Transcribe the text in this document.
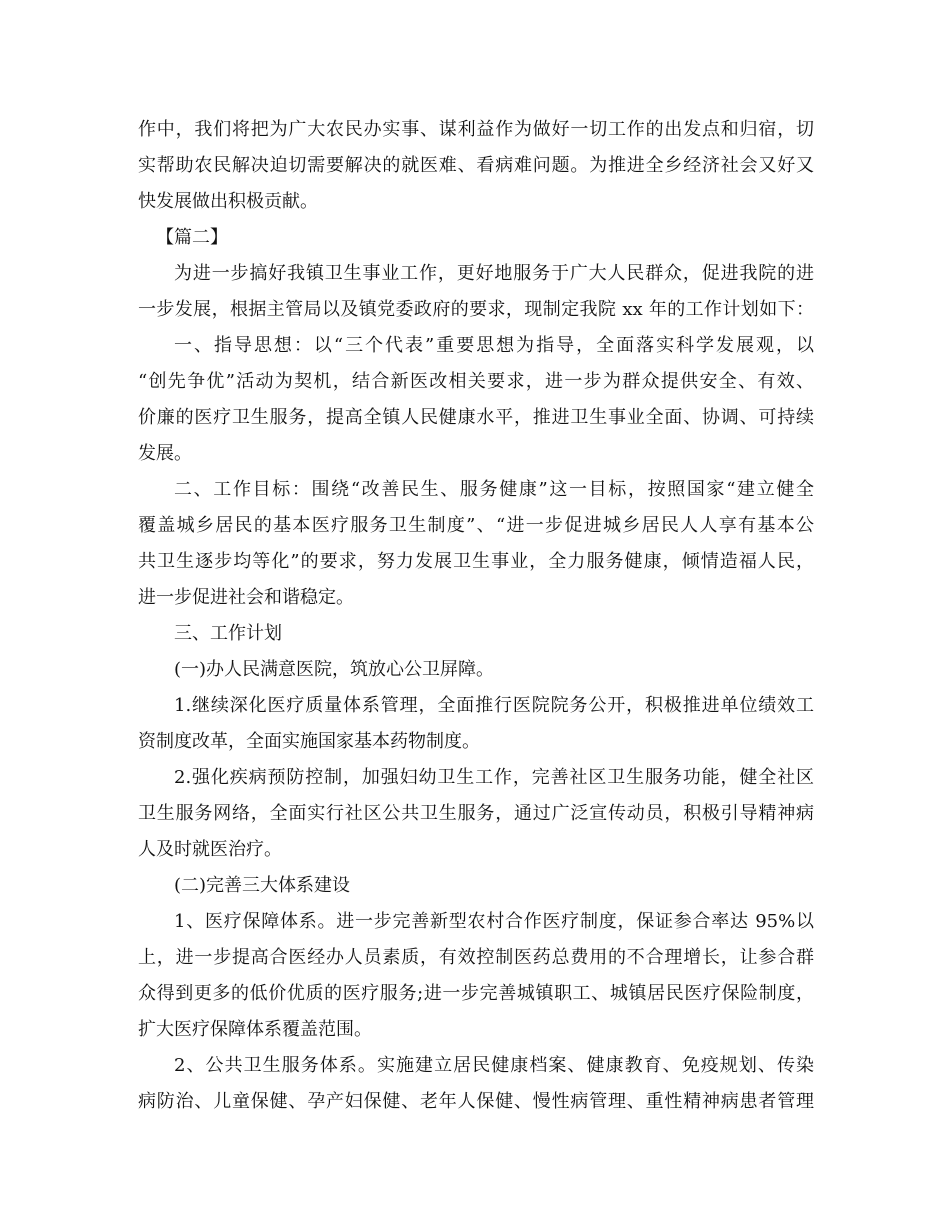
作中，我们将把为广大农民办实事、谋利益作为做好一切工作的出发点和归宿，切
实帮助农民解决迫切需要解决的就医难、看病难问题。为推进全乡经济社会又好又
快发展做出积极贡献。
【篇二】
为进一步搞好我镇卫生事业工作，更好地服务于广大人民群众，促进我院的进
一步发展，根据主管局以及镇党委政府的要求，现制定我院 xx 年的工作计划如下：
一、指导思想：以“三个代表”重要思想为指导，全面落实科学发展观，以
“创先争优”活动为契机，结合新医改相关要求，进一步为群众提供安全、有效、
价廉的医疗卫生服务，提高全镇人民健康水平，推进卫生事业全面、协调、可持续
发展。
二、工作目标：围绕“改善民生、服务健康”这一目标，按照国家“建立健全
覆盖城乡居民的基本医疗服务卫生制度”、“进一步促进城乡居民人人享有基本公
共卫生逐步均等化”的要求，努力发展卫生事业，全力服务健康，倾情造福人民，
进一步促进社会和谐稳定。
三、工作计划
(一)办人民满意医院，筑放心公卫屏障。
1.继续深化医疗质量体系管理，全面推行医院院务公开，积极推进单位绩效工
资制度改革，全面实施国家基本药物制度。
2.强化疾病预防控制，加强妇幼卫生工作，完善社区卫生服务功能，健全社区
卫生服务网络，全面实行社区公共卫生服务，通过广泛宣传动员，积极引导精神病
人及时就医治疗。
(二)完善三大体系建设
1、医疗保障体系。进一步完善新型农村合作医疗制度，保证参合率达 95%以
上，进一步提高合医经办人员素质，有效控制医药总费用的不合理增长，让参合群
众得到更多的低价优质的医疗服务;进一步完善城镇职工、城镇居民医疗保险制度，
扩大医疗保障体系覆盖范围。
2、公共卫生服务体系。实施建立居民健康档案、健康教育、免疫规划、传染
病防治、儿童保健、孕产妇保健、老年人保健、慢性病管理、重性精神病患者管理
